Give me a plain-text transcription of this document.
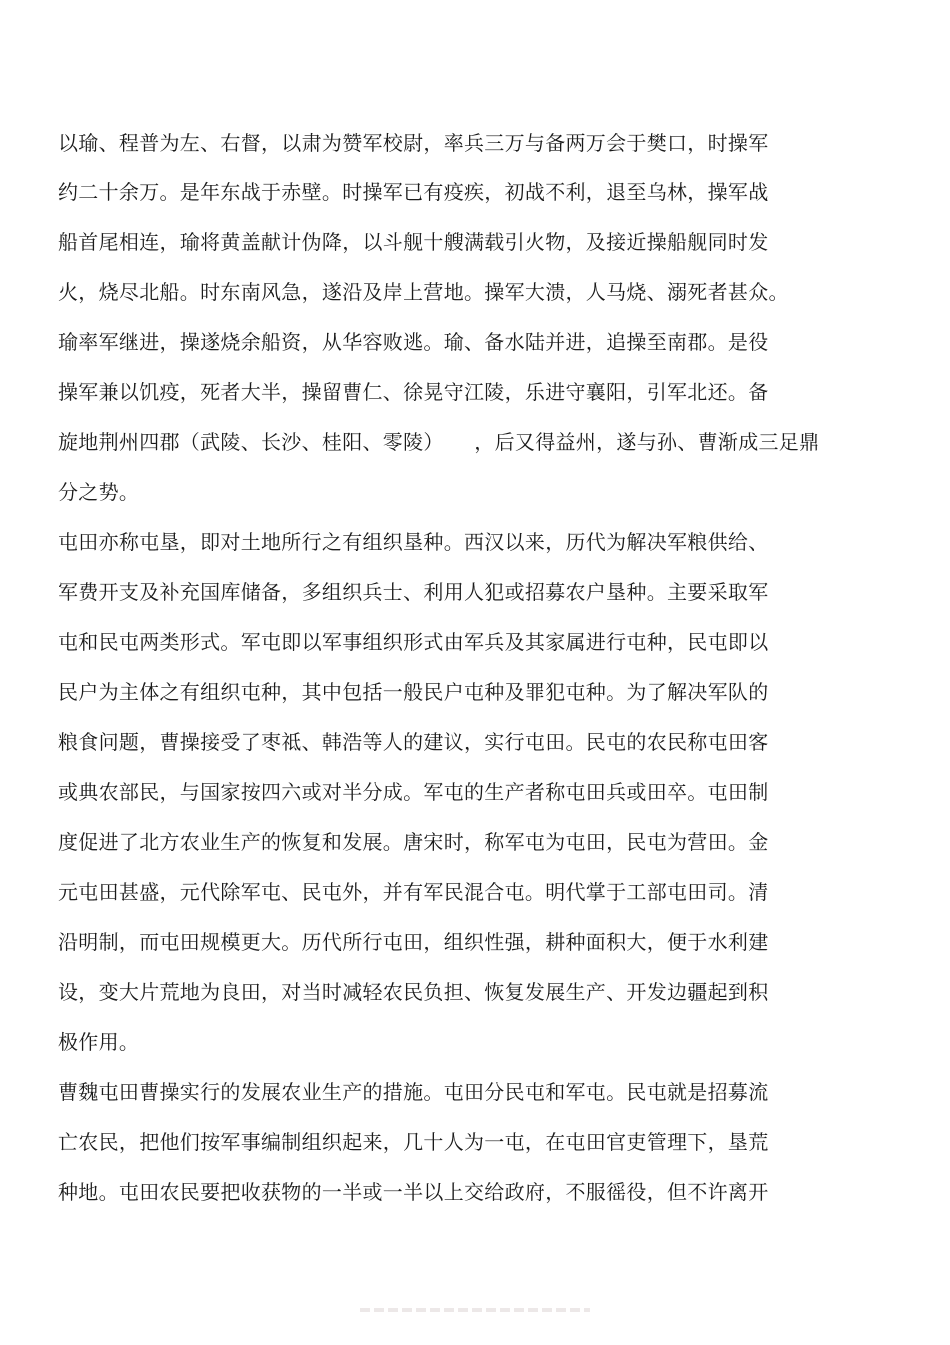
以瑜、程普为左、右督，以肃为赞军校尉，率兵三万与备两万会于樊口，时操军
约二十余万。是年东战于赤壁。时操军已有疫疾，初战不利，退至乌林，操军战
船首尾相连，瑜将黄盖献计伪降，以斗舰十艘满载引火物，及接近操船舰同时发
火，烧尽北船。时东南风急，遂沿及岸上营地。操军大溃，人马烧、溺死者甚众。
瑜率军继进，操遂烧余船资，从华容败逃。瑜、备水陆并进，追操至南郡。是役
操军兼以饥疫，死者大半，操留曹仁、徐晃守江陵，乐进守襄阳，引军北还。备
旋地荆州四郡（武陵、长沙、桂阳、零陵）　　，后又得益州，遂与孙、曹渐成三足鼎
分之势。
屯田亦称屯垦，即对土地所行之有组织垦种。西汉以来，历代为解决军粮供给、
军费开支及补充国库储备，多组织兵士、利用人犯或招募农户垦种。主要采取军
屯和民屯两类形式。军屯即以军事组织形式由军兵及其家属进行屯种，民屯即以
民户为主体之有组织屯种，其中包括一般民户屯种及罪犯屯种。为了解决军队的
粮食问题，曹操接受了枣祗、韩浩等人的建议，实行屯田。民屯的农民称屯田客
或典农部民，与国家按四六或对半分成。军屯的生产者称屯田兵或田卒。屯田制
度促进了北方农业生产的恢复和发展。唐宋时，称军屯为屯田，民屯为营田。金
元屯田甚盛，元代除军屯、民屯外，并有军民混合屯。明代掌于工部屯田司。清
沿明制，而屯田规模更大。历代所行屯田，组织性强，耕种面积大，便于水利建
设，变大片荒地为良田，对当时减轻农民负担、恢复发展生产、开发边疆起到积
极作用。
曹魏屯田曹操实行的发展农业生产的措施。屯田分民屯和军屯。民屯就是招募流
亡农民，把他们按军事编制组织起来，几十人为一屯，在屯田官吏管理下，垦荒
种地。屯田农民要把收获物的一半或一半以上交给政府，不服徭役，但不许离开
